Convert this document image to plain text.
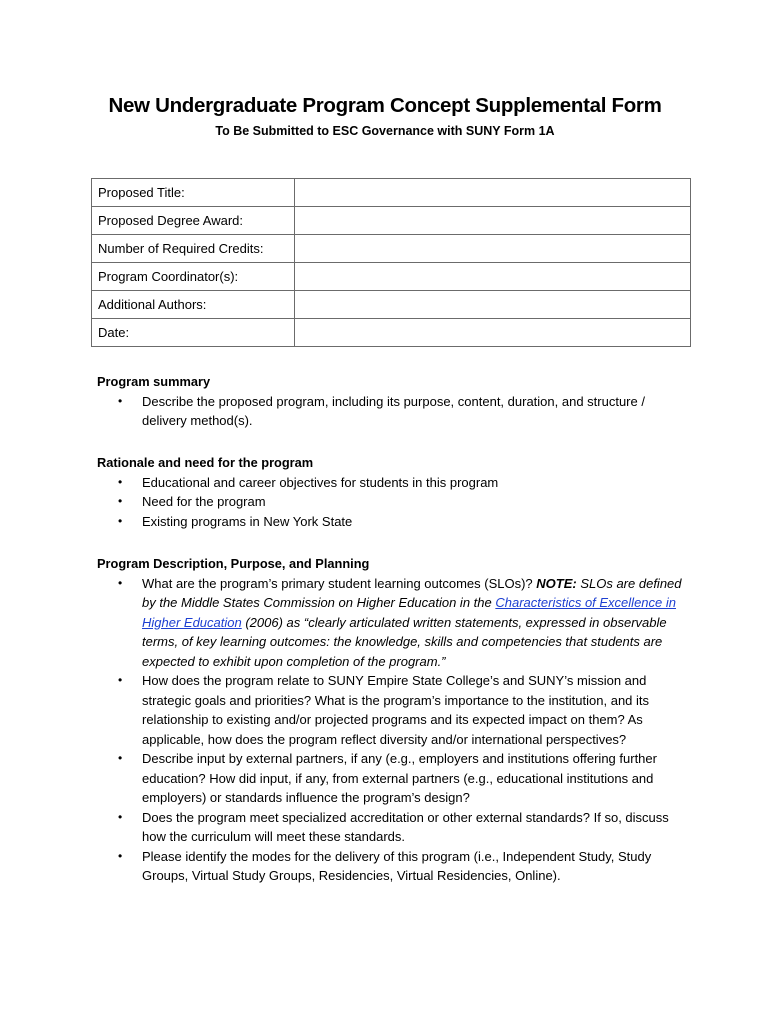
New Undergraduate Program Concept Supplemental Form
To Be Submitted to ESC Governance with SUNY Form 1A
Proposed Title:	
Proposed Degree Award:	
Number of Required Credits:	
Program Coordinator(s):	
Additional Authors:	
Date:	
Program summary
• Describe the proposed program, including its purpose, content, duration, and structure / delivery method(s).
Rationale and need for the program
• Educational and career objectives for students in this program
• Need for the program
• Existing programs in New York State
Program Description, Purpose, and Planning
• What are the program’s primary student learning outcomes (SLOs)? NOTE: SLOs are defined by the Middle States Commission on Higher Education in the Characteristics of Excellence in Higher Education (2006) as “clearly articulated written statements, expressed in observable terms, of key learning outcomes: the knowledge, skills and competencies that students are expected to exhibit upon completion of the program.”
• How does the program relate to SUNY Empire State College’s and SUNY’s mission and strategic goals and priorities? What is the program’s importance to the institution, and its relationship to existing and/or projected programs and its expected impact on them? As applicable, how does the program reflect diversity and/or international perspectives?
• Describe input by external partners, if any (e.g., employers and institutions offering further education? How did input, if any, from external partners (e.g., educational institutions and employers) or standards influence the program’s design?
• Does the program meet specialized accreditation or other external standards? If so, discuss how the curriculum will meet these standards.
• Please identify the modes for the delivery of this program (i.e., Independent Study, Study Groups, Virtual Study Groups, Residencies, Virtual Residencies, Online).
